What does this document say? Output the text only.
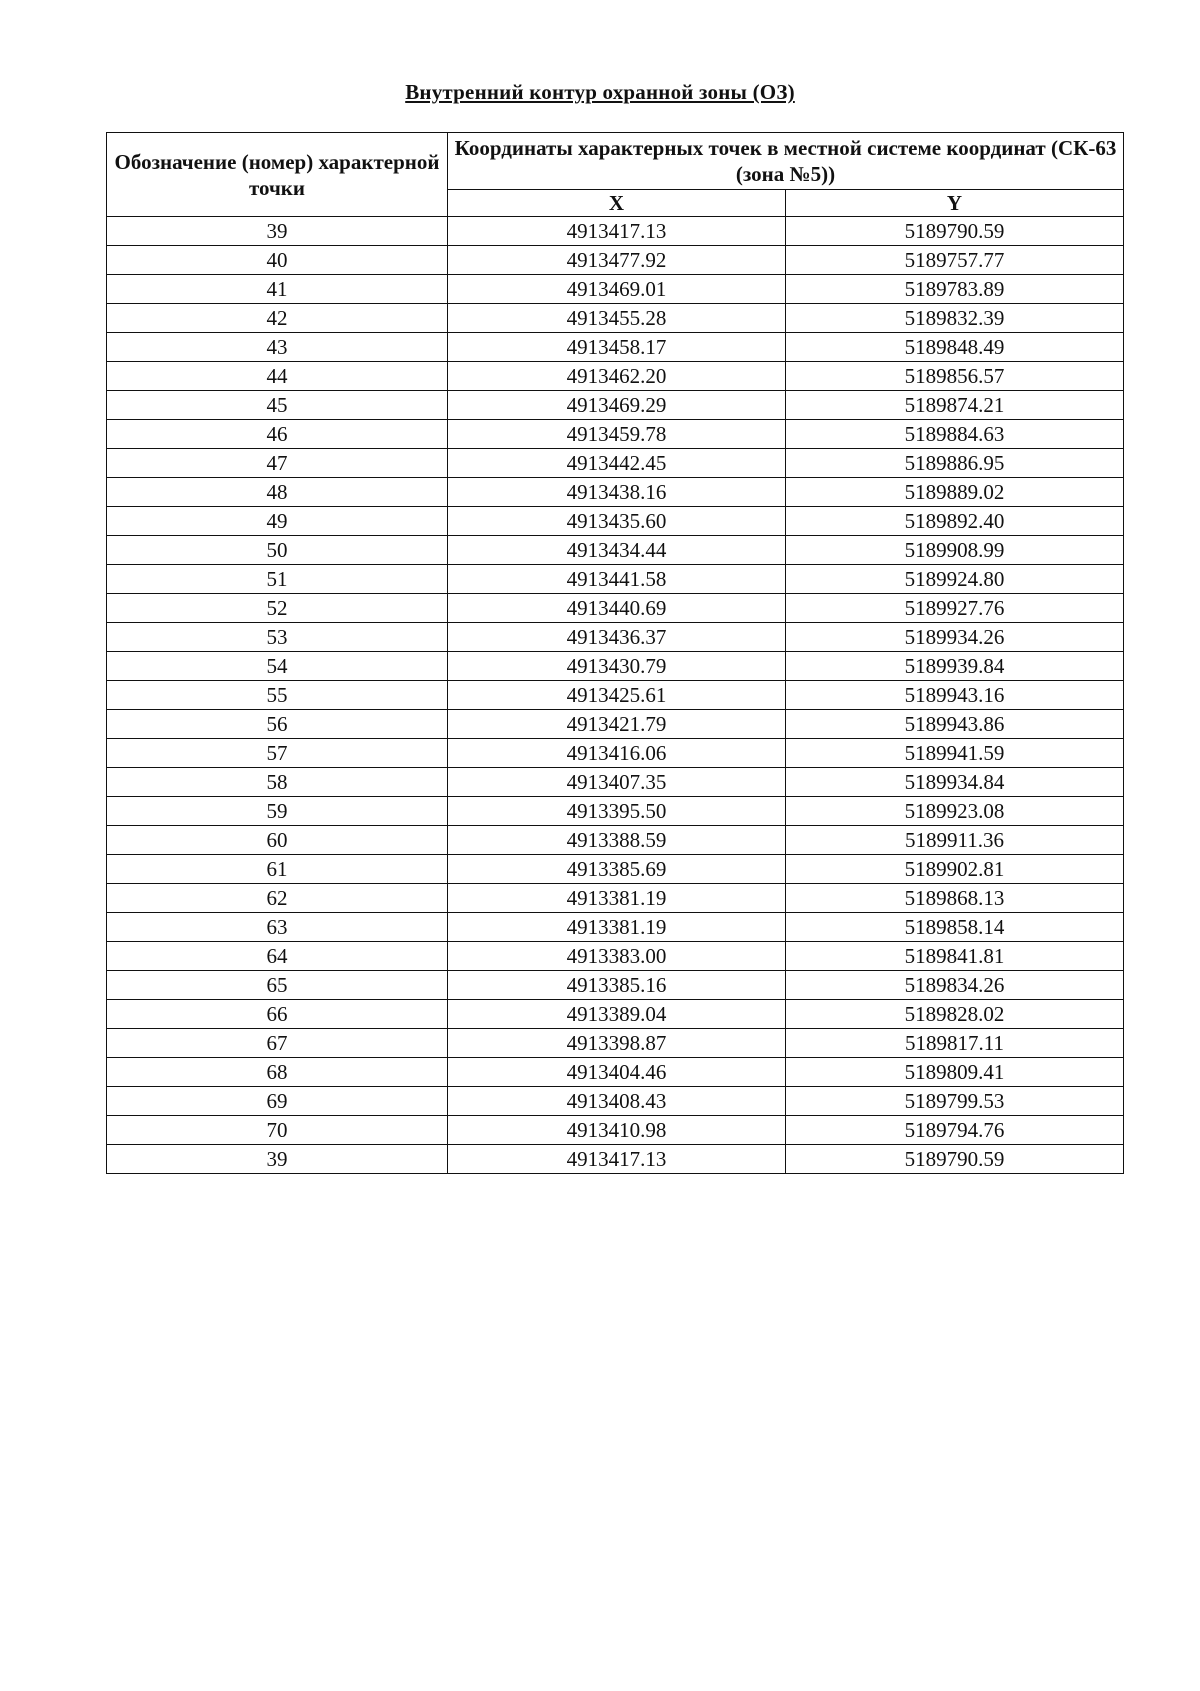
Внутренний контур охранной зоны (ОЗ)
Обозначение (номер) характерной точки	Координаты характерных точек в местной системе координат (СК-63 (зона №5))	
	X	Y
39	4913417.13	5189790.59
40	4913477.92	5189757.77
41	4913469.01	5189783.89
42	4913455.28	5189832.39
43	4913458.17	5189848.49
44	4913462.20	5189856.57
45	4913469.29	5189874.21
46	4913459.78	5189884.63
47	4913442.45	5189886.95
48	4913438.16	5189889.02
49	4913435.60	5189892.40
50	4913434.44	5189908.99
51	4913441.58	5189924.80
52	4913440.69	5189927.76
53	4913436.37	5189934.26
54	4913430.79	5189939.84
55	4913425.61	5189943.16
56	4913421.79	5189943.86
57	4913416.06	5189941.59
58	4913407.35	5189934.84
59	4913395.50	5189923.08
60	4913388.59	5189911.36
61	4913385.69	5189902.81
62	4913381.19	5189868.13
63	4913381.19	5189858.14
64	4913383.00	5189841.81
65	4913385.16	5189834.26
66	4913389.04	5189828.02
67	4913398.87	5189817.11
68	4913404.46	5189809.41
69	4913408.43	5189799.53
70	4913410.98	5189794.76
39	4913417.13	5189790.59
